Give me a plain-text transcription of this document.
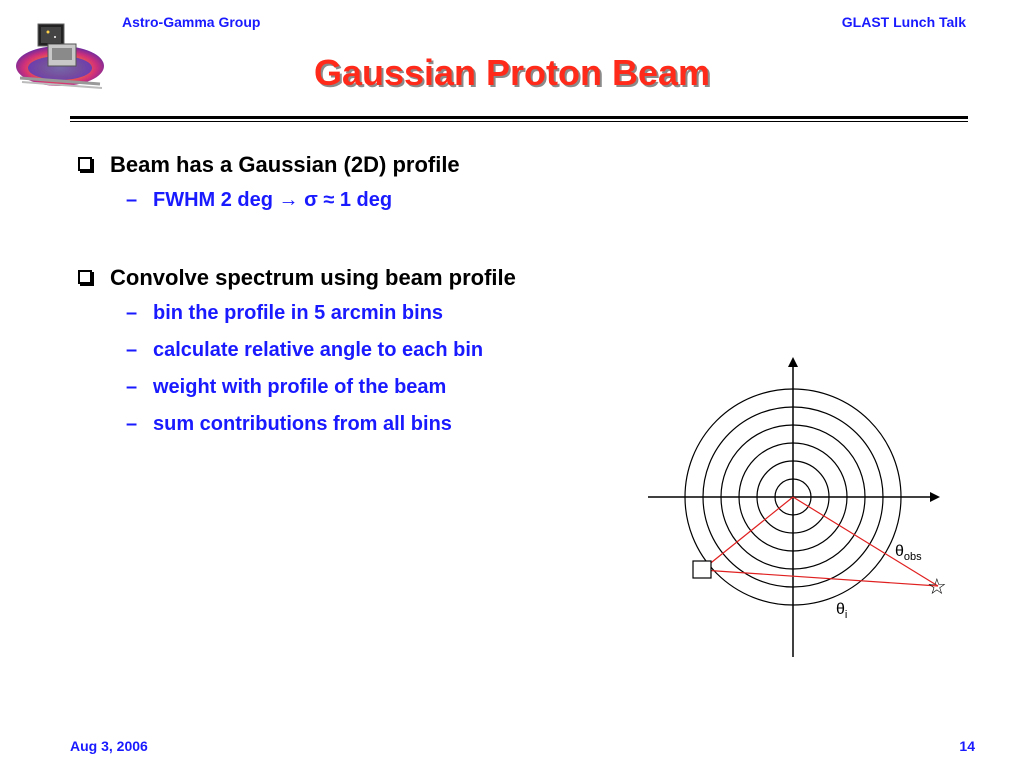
Astro-Gamma Group	GLAST Lunch Talk
Gaussian Proton Beam
Beam has a Gaussian (2D) profile
– FWHM 2 deg → σ ≈ 1 deg
Convolve spectrum using beam profile
– bin the profile in 5 arcmin bins
– calculate relative angle to each bin
– weight with profile of the beam
– sum contributions from all bins
☆
$\theta_{obs}$
$\theta_i$
Aug 3, 2006	14
